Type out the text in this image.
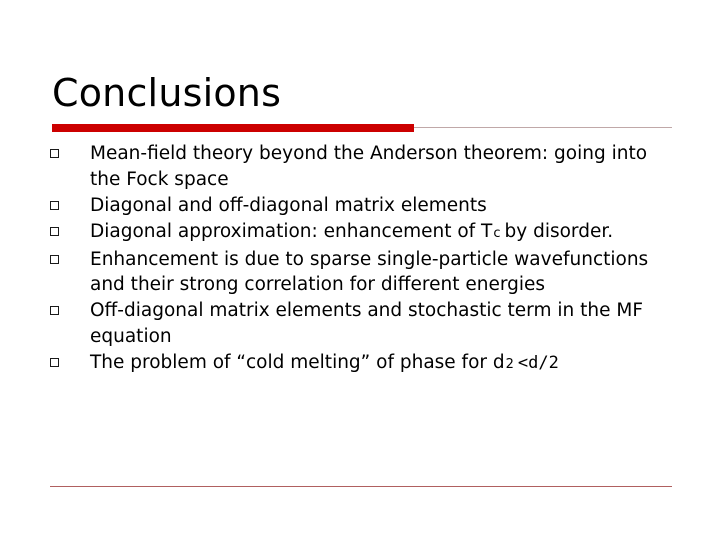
Conclusions
Mean-field theory beyond the Anderson theorem: going into the Fock space
Diagonal and off-diagonal matrix elements
Diagonal approximation: enhancement of Tc by disorder.
Enhancement is due to sparse single-particle wavefunctions and their strong correlation for different energies
Off-diagonal matrix elements and stochastic term in the MF equation
The problem of “cold melting” of phase for d2 <d/2
